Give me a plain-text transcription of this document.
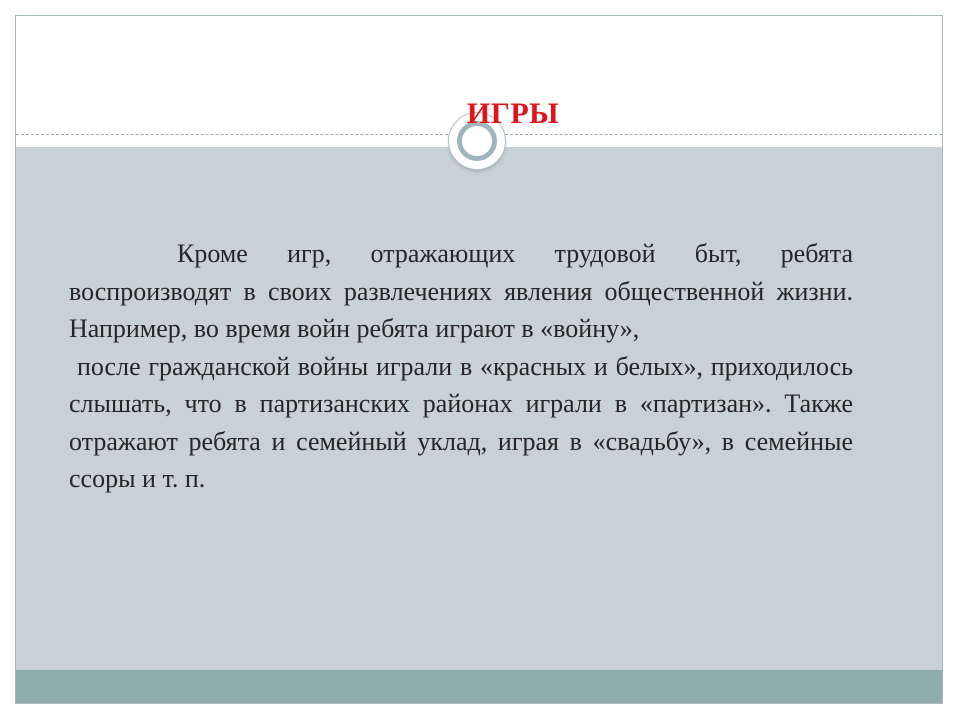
ИГРЫ

Кроме игр, отражающих трудовой быт, ребята воспроизводят в своих развлечениях явления общественной жизни. Например, во время войн ребята играют в «войну»,

после гражданской войны играли в «красных и белых», приходилось слышать, что в партизанских районах играли в «партизан». Также отражают ребята и семейный уклад, играя в «свадьбу», в семейные ссоры и т. п.
